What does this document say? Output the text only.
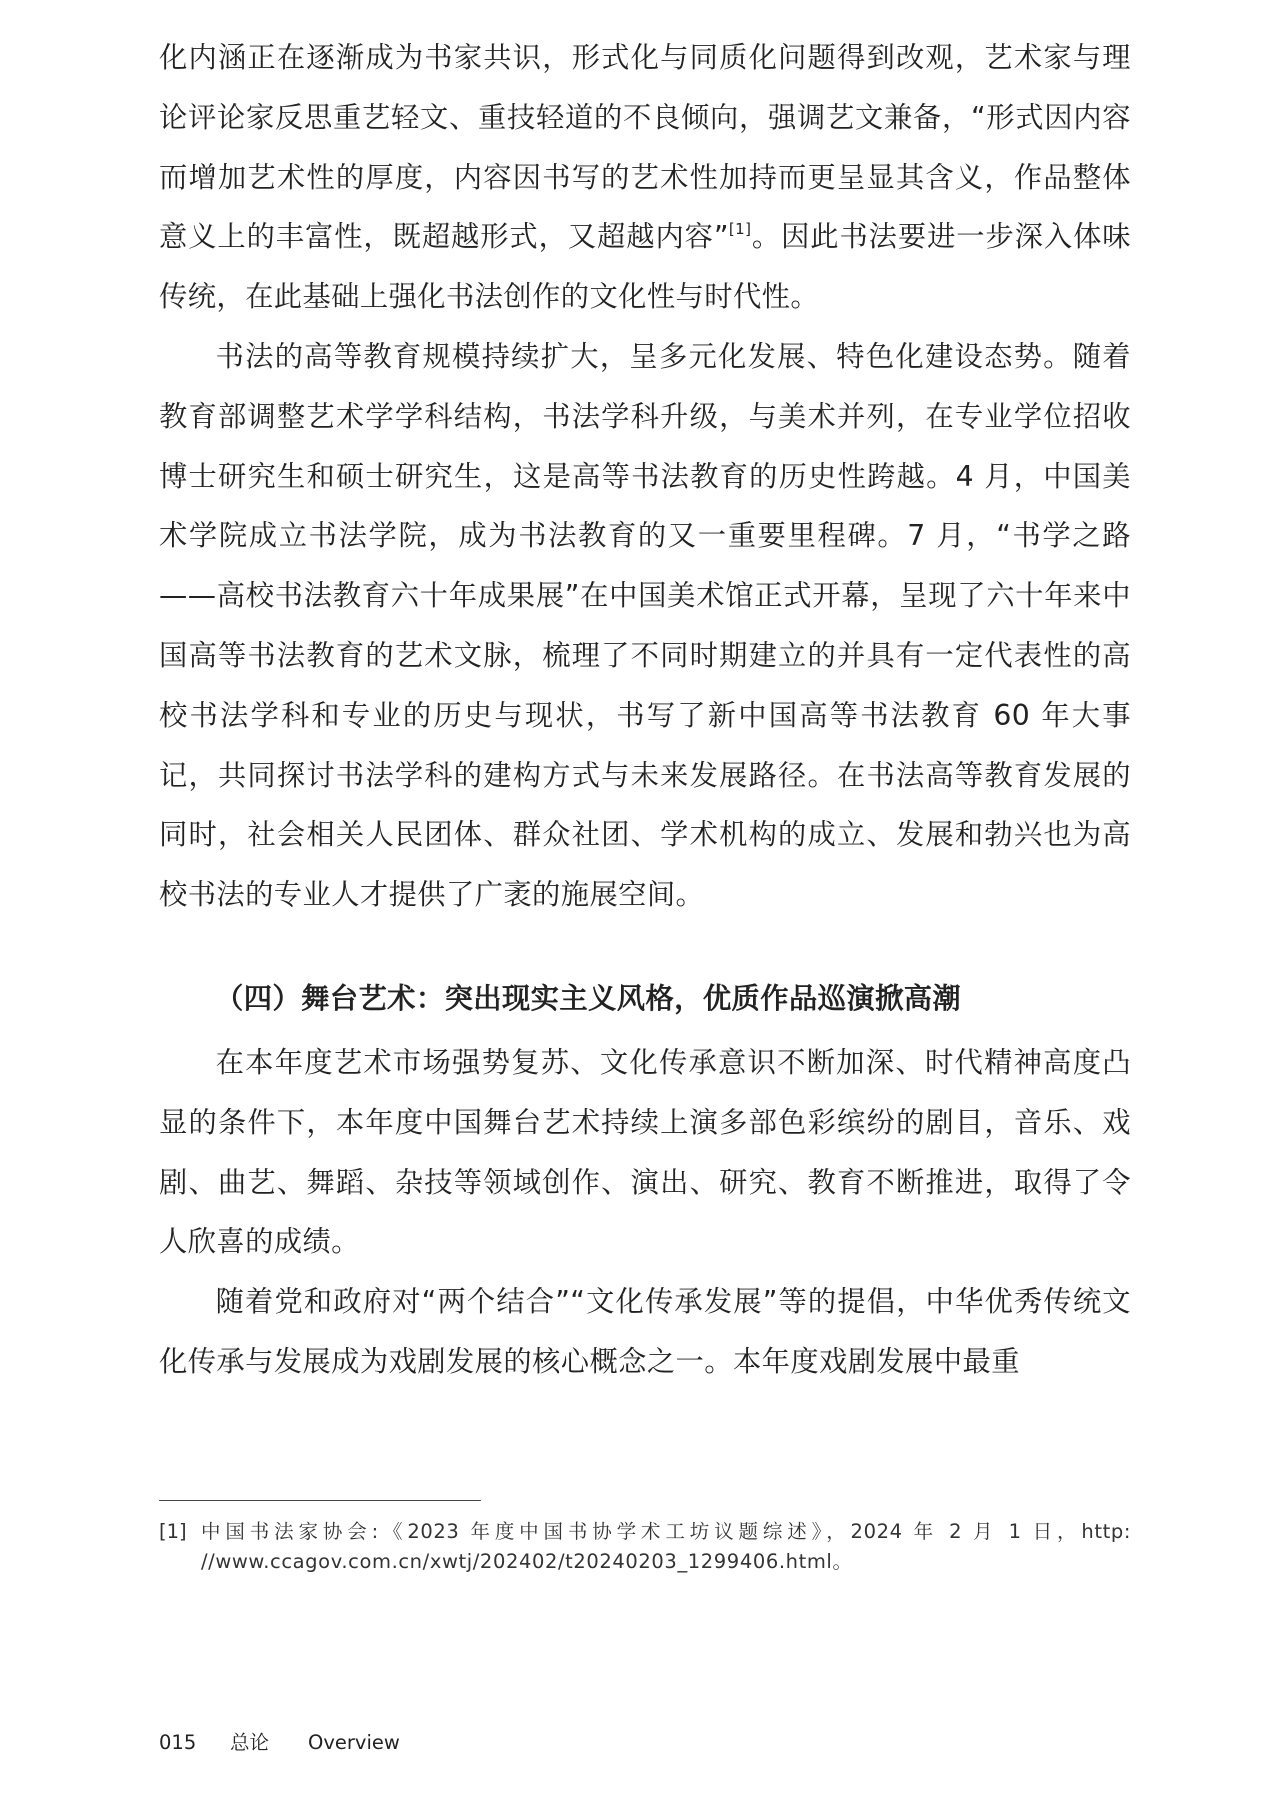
化内涵正在逐渐成为书家共识，形式化与同质化问题得到改观，艺术家与理论评论家反思重艺轻文、重技轻道的不良倾向，强调艺文兼备，“形式因内容而增加艺术性的厚度，内容因书写的艺术性加持而更呈显其含义，作品整体意义上的丰富性，既超越形式，又超越内容”[1]。因此书法要进一步深入体味传统，在此基础上强化书法创作的文化性与时代性。

书法的高等教育规模持续扩大，呈多元化发展、特色化建设态势。随着教育部调整艺术学学科结构，书法学科升级，与美术并列，在专业学位招收博士研究生和硕士研究生，这是高等书法教育的历史性跨越。4 月，中国美术学院成立书法学院，成为书法教育的又一重要里程碑。7 月，“书学之路——高校书法教育六十年成果展”在中国美术馆正式开幕，呈现了六十年来中国高等书法教育的艺术文脉，梳理了不同时期建立的并具有一定代表性的高校书法学科和专业的历史与现状，书写了新中国高等书法教育 60 年大事记，共同探讨书法学科的建构方式与未来发展路径。在书法高等教育发展的同时，社会相关人民团体、群众社团、学术机构的成立、发展和勃兴也为高校书法的专业人才提供了广袤的施展空间。

（四）舞台艺术：突出现实主义风格，优质作品巡演掀高潮

在本年度艺术市场强势复苏、文化传承意识不断加深、时代精神高度凸显的条件下，本年度中国舞台艺术持续上演多部色彩缤纷的剧目，音乐、戏剧、曲艺、舞蹈、杂技等领域创作、演出、研究、教育不断推进，取得了令人欣喜的成绩。

随着党和政府对“两个结合”“文化传承发展”等的提倡，中华优秀传统文化传承与发展成为戏剧发展的核心概念之一。本年度戏剧发展中最重

[1] 中国书法家协会:《2023 年度中国书协学术工坊议题综述》，2024 年 2 月 1 日，http: //www.ccagov.com.cn/xwtj/202402/t20240203_1299406.html。
015 总论 Overview
